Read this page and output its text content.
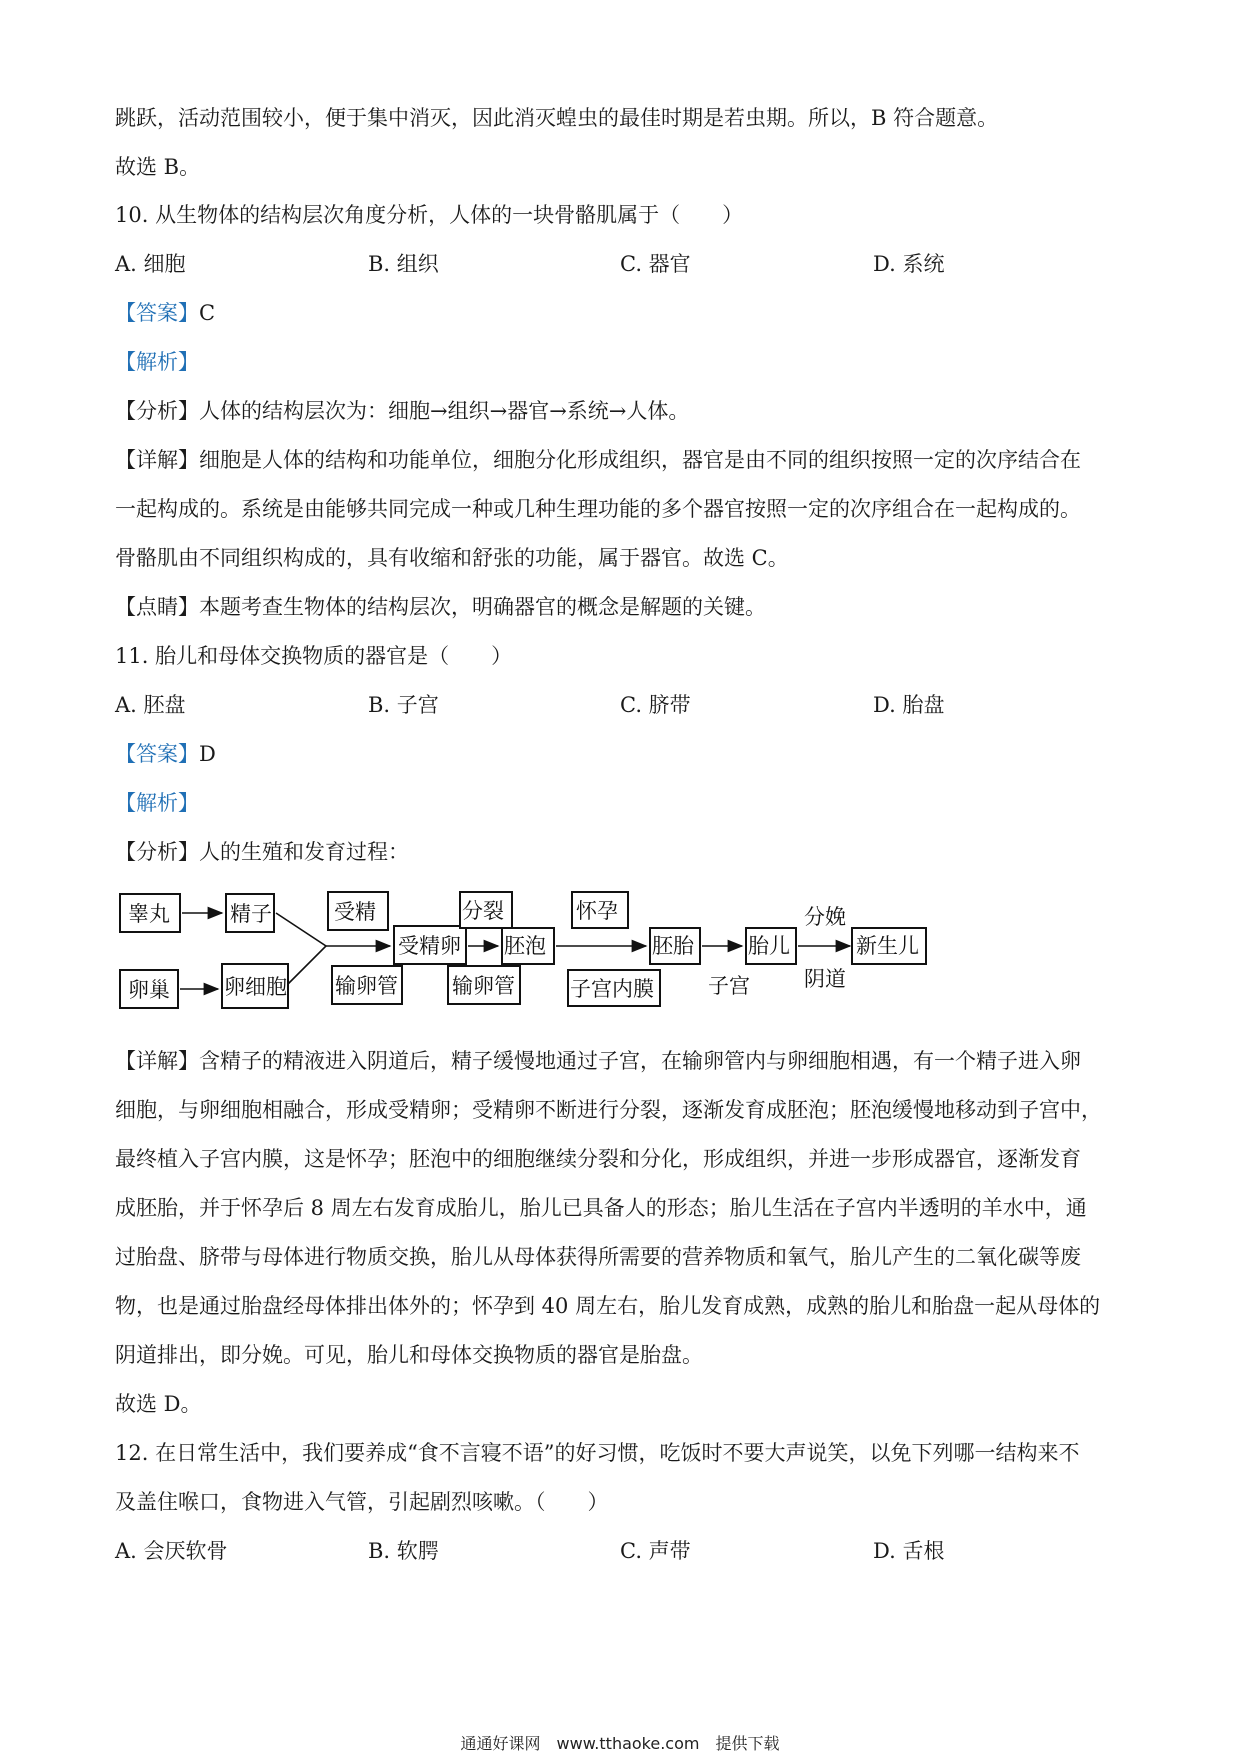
跳跃，活动范围较小，便于集中消灭，因此消灭蝗虫的最佳时期是若虫期。所以，B 符合题意。
故选 B。
10. 从生物体的结构层次角度分析，人体的一块骨骼肌属于（　　）
A. 细胞	B. 组织	C. 器官	D. 系统
【答案】C
【解析】
【分析】人体的结构层次为：细胞→组织→器官→系统→人体。
【详解】细胞是人体的结构和功能单位，细胞分化形成组织，器官是由不同的组织按照一定的次序结合在
一起构成的。系统是由能够共同完成一种或几种生理功能的多个器官按照一定的次序组合在一起构成的。
骨骼肌由不同组织构成的，具有收缩和舒张的功能，属于器官。故选 C。
【点睛】本题考查生物体的结构层次，明确器官的概念是解题的关键。
11. 胎儿和母体交换物质的器官是（　　）
A. 胚盘	B. 子宫	C. 脐带	D. 胎盘
【答案】D
【解析】
【分析】人的生殖和发育过程：
睾丸	精子
卵巢	卵细胞
受精
输卵管
受精卵
分裂
输卵管
胚泡
怀孕
子宫内膜
胚胎
子宫
胎儿
分娩
阴道
新生儿
【详解】含精子的精液进入阴道后，精子缓慢地通过子宫，在输卵管内与卵细胞相遇，有一个精子进入卵
细胞，与卵细胞相融合，形成受精卵；受精卵不断进行分裂，逐渐发育成胚泡；胚泡缓慢地移动到子宫中，
最终植入子宫内膜，这是怀孕；胚泡中的细胞继续分裂和分化，形成组织，并进一步形成器官，逐渐发育
成胚胎，并于怀孕后 8 周左右发育成胎儿，胎儿已具备人的形态；胎儿生活在子宫内半透明的羊水中，通
过胎盘、脐带与母体进行物质交换，胎儿从母体获得所需要的营养物质和氧气，胎儿产生的二氧化碳等废
物，也是通过胎盘经母体排出体外的；怀孕到 40 周左右，胎儿发育成熟，成熟的胎儿和胎盘一起从母体的
阴道排出，即分娩。可见，胎儿和母体交换物质的器官是胎盘。
故选 D。
12. 在日常生活中，我们要养成“食不言寝不语”的好习惯，吃饭时不要大声说笑，以免下列哪一结构来不
及盖住喉口，食物进入气管，引起剧烈咳嗽。（　　）
A. 会厌软骨	B. 软腭	C. 声带	D. 舌根
通通好课网　www.tthaoke.com　提供下载
